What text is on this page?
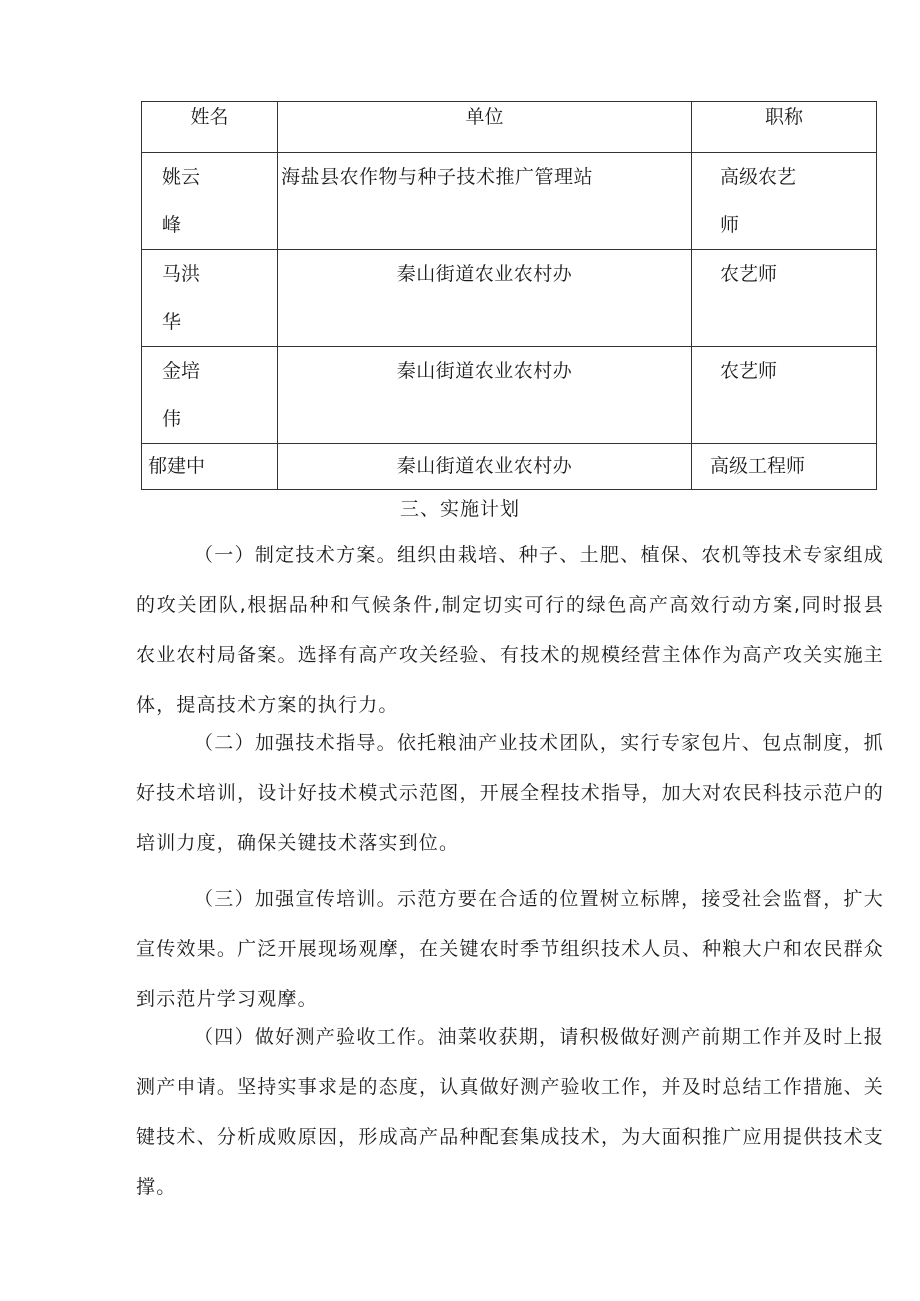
姓名	单位	职称

姚云峰	海盐县农作物与种子技术推广管理站	高级农艺师

马洪华	秦山街道农业农村办	农艺师

金培伟	秦山街道农业农村办	农艺师

郁建中	秦山街道农业农村办	高级工程师
三、实施计划

（一）制定技术方案。组织由栽培、种子、土肥、植保、农机等技术专家组成的攻关团队,根据品种和气候条件,制定切实可行的绿色高产高效行动方案,同时报县农业农村局备案。选择有高产攻关经验、有技术的规模经营主体作为高产攻关实施主体，提高技术方案的执行力。

（二）加强技术指导。依托粮油产业技术团队，实行专家包片、包点制度，抓好技术培训，设计好技术模式示范图，开展全程技术指导，加大对农民科技示范户的培训力度，确保关键技术落实到位。

（三）加强宣传培训。示范方要在合适的位置树立标牌，接受社会监督，扩大宣传效果。广泛开展现场观摩，在关键农时季节组织技术人员、种粮大户和农民群众到示范片学习观摩。

（四）做好测产验收工作。油菜收获期，请积极做好测产前期工作并及时上报测产申请。坚持实事求是的态度，认真做好测产验收工作，并及时总结工作措施、关键技术、分析成败原因，形成高产品种配套集成技术，为大面积推广应用提供技术支撑。
